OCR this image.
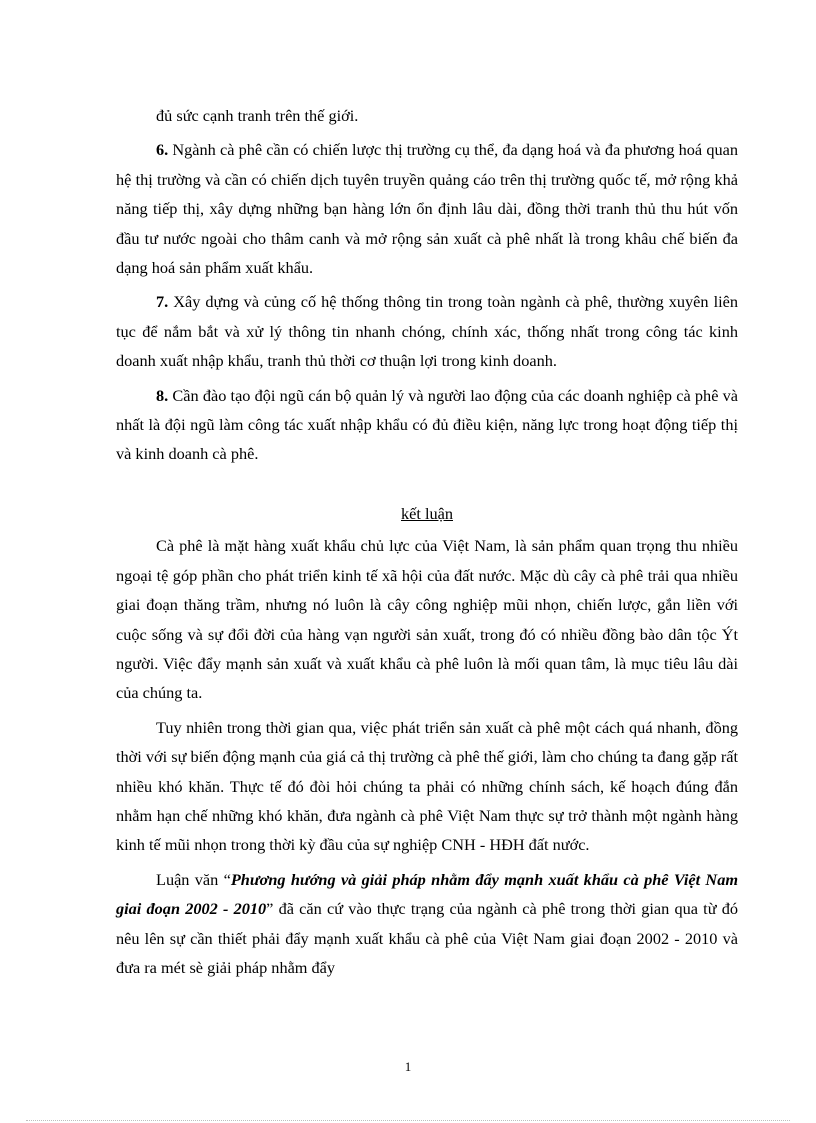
đủ sức cạnh tranh trên thế giới.

6. Ngành cà phê cần có chiến lược thị trường cụ thể, đa dạng hoá và đa phương hoá quan hệ thị trường và cần có chiến dịch tuyên truyền quảng cáo trên thị trường quốc tế, mở rộng khả năng tiếp thị, xây dựng những bạn hàng lớn ổn định lâu dài, đồng thời tranh thủ thu hút vốn đầu tư nước ngoài cho thâm canh và mở rộng sản xuất cà phê nhất là trong khâu chế biến đa dạng hoá sản phẩm xuất khẩu.

7. Xây dựng và củng cố hệ thống thông tin trong toàn ngành cà phê, thường xuyên liên tục để nắm bắt và xử lý thông tin nhanh chóng, chính xác, thống nhất trong công tác kinh doanh xuất nhập khẩu, tranh thủ thời cơ thuận lợi trong kinh doanh.

8. Cần đào tạo đội ngũ cán bộ quản lý và người lao động của các doanh nghiệp cà phê và nhất là đội ngũ làm công tác xuất nhập khẩu có đủ điều kiện, năng lực trong hoạt động tiếp thị và kinh doanh cà phê.

kết luận

Cà phê là mặt hàng xuất khẩu chủ lực của Việt Nam, là sản phẩm quan trọng thu nhiều ngoại tệ góp phần cho phát triển kinh tế xã hội của đất nước. Mặc dù cây cà phê trải qua nhiều giai đoạn thăng trầm, nhưng nó luôn là cây công nghiệp mũi nhọn, chiến lược, gắn liền với cuộc sống và sự đổi đời của hàng vạn người sản xuất, trong đó có nhiều đồng bào dân tộc Ýt người. Việc đẩy mạnh sản xuất và xuất khẩu cà phê luôn là mối quan tâm, là mục tiêu lâu dài của chúng ta.

Tuy nhiên trong thời gian qua, việc phát triển sản xuất cà phê một cách quá nhanh, đồng thời với sự biến động mạnh của giá cả thị trường cà phê thế giới, làm cho chúng ta đang gặp rất nhiều khó khăn. Thực tế đó đòi hỏi chúng ta phải có những chính sách, kế hoạch đúng đắn nhằm hạn chế những khó khăn, đưa ngành cà phê Việt Nam thực sự trở thành một ngành hàng kinh tế mũi nhọn trong thời kỳ đầu của sự nghiệp CNH - HĐH đất nước.

Luận văn “Phương hướng và giải pháp nhằm đẩy mạnh xuất khẩu cà phê Việt Nam giai đoạn 2002 - 2010” đã căn cứ vào thực trạng của ngành cà phê trong thời gian qua từ đó nêu lên sự cần thiết phải đẩy mạnh xuất khẩu cà phê của Việt Nam giai đoạn 2002 - 2010 và đưa ra mét sè giải pháp nhằm đẩy

1
